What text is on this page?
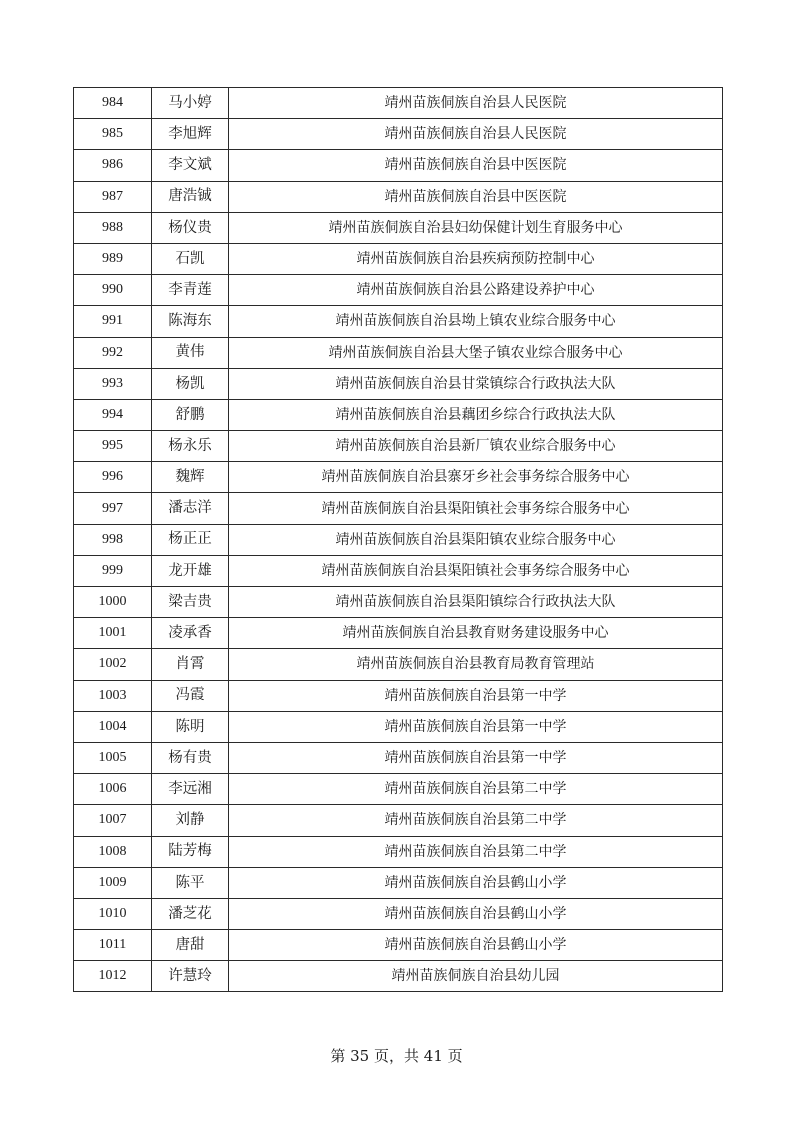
984	马小婷	靖州苗族侗族自治县人民医院
985	李旭辉	靖州苗族侗族自治县人民医院
986	李文斌	靖州苗族侗族自治县中医医院
987	唐浩铖	靖州苗族侗族自治县中医医院
988	杨仪贵	靖州苗族侗族自治县妇幼保健计划生育服务中心
989	石凯	靖州苗族侗族自治县疾病预防控制中心
990	李青莲	靖州苗族侗族自治县公路建设养护中心
991	陈海东	靖州苗族侗族自治县坳上镇农业综合服务中心
992	黄伟	靖州苗族侗族自治县大堡子镇农业综合服务中心
993	杨凯	靖州苗族侗族自治县甘棠镇综合行政执法大队
994	舒鹏	靖州苗族侗族自治县藕团乡综合行政执法大队
995	杨永乐	靖州苗族侗族自治县新厂镇农业综合服务中心
996	魏辉	靖州苗族侗族自治县寨牙乡社会事务综合服务中心
997	潘志洋	靖州苗族侗族自治县渠阳镇社会事务综合服务中心
998	杨正正	靖州苗族侗族自治县渠阳镇农业综合服务中心
999	龙开雄	靖州苗族侗族自治县渠阳镇社会事务综合服务中心
1000	梁吉贵	靖州苗族侗族自治县渠阳镇综合行政执法大队
1001	凌承香	靖州苗族侗族自治县教育财务建设服务中心
1002	肖霄	靖州苗族侗族自治县教育局教育管理站
1003	冯霞	靖州苗族侗族自治县第一中学
1004	陈明	靖州苗族侗族自治县第一中学
1005	杨有贵	靖州苗族侗族自治县第一中学
1006	李远湘	靖州苗族侗族自治县第二中学
1007	刘静	靖州苗族侗族自治县第二中学
1008	陆芳梅	靖州苗族侗族自治县第二中学
1009	陈平	靖州苗族侗族自治县鹤山小学
1010	潘芝花	靖州苗族侗族自治县鹤山小学
1011	唐甜	靖州苗族侗族自治县鹤山小学
1012	许慧玲	靖州苗族侗族自治县幼儿园
第 35 页，共 41 页
